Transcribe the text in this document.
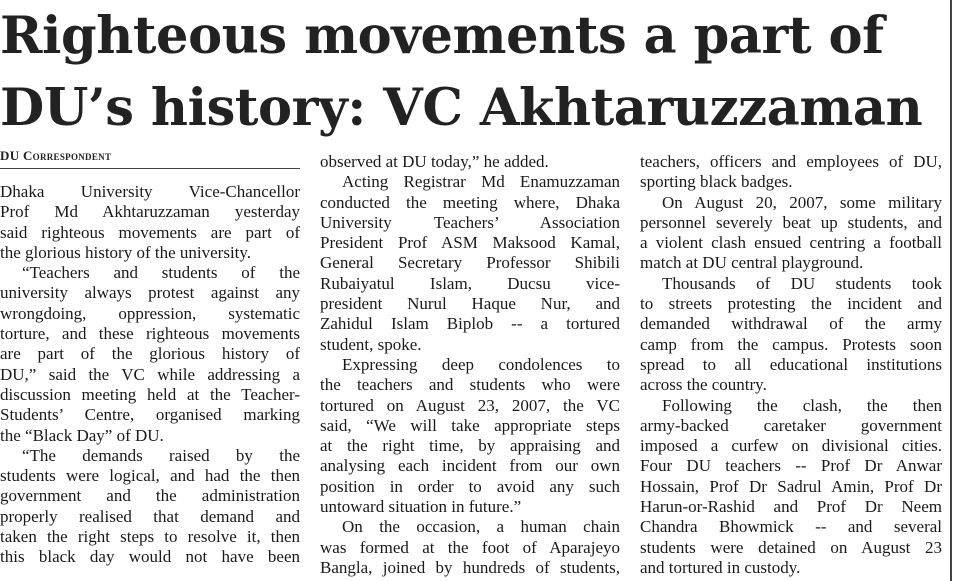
Righteous movements a part of
DU’s history: VC Akhtaruzzaman
DU Correspondent
Dhaka University Vice-Chancellor
Prof Md Akhtaruzzaman yesterday
said righteous movements are part of
the glorious history of the university.
“Teachers and students of the
university always protest against any
wrongdoing, oppression, systematic
torture, and these righteous movements
are part of the glorious history of
DU,” said the VC while addressing a
discussion meeting held at the Teacher-
Students’ Centre, organised marking
the “Black Day” of DU.
“The demands raised by the
students were logical, and had the then
government and the administration
properly realised that demand and
taken the right steps to resolve it, then
this black day would not have been
observed at DU today,” he added.
Acting Registrar Md Enamuzzaman
conducted the meeting where, Dhaka
University Teachers’ Association
President Prof ASM Maksood Kamal,
General Secretary Professor Shibili
Rubaiyatul Islam, Ducsu vice-
president Nurul Haque Nur, and
Zahidul Islam Biplob -- a tortured
student, spoke.
Expressing deep condolences to
the teachers and students who were
tortured on August 23, 2007, the VC
said, “We will take appropriate steps
at the right time, by appraising and
analysing each incident from our own
position in order to avoid any such
untoward situation in future.”
On the occasion, a human chain
was formed at the foot of Aparajeyo
Bangla, joined by hundreds of students,
teachers, officers and employees of DU,
sporting black badges.
On August 20, 2007, some military
personnel severely beat up students, and
a violent clash ensued centring a football
match at DU central playground.
Thousands of DU students took
to streets protesting the incident and
demanded withdrawal of the army
camp from the campus. Protests soon
spread to all educational institutions
across the country.
Following the clash, the then
army-backed caretaker government
imposed a curfew on divisional cities.
Four DU teachers -- Prof Dr Anwar
Hossain, Prof Dr Sadrul Amin, Prof Dr
Harun-or-Rashid and Prof Dr Neem
Chandra Bhowmick -- and several
students were detained on August 23
and tortured in custody.
